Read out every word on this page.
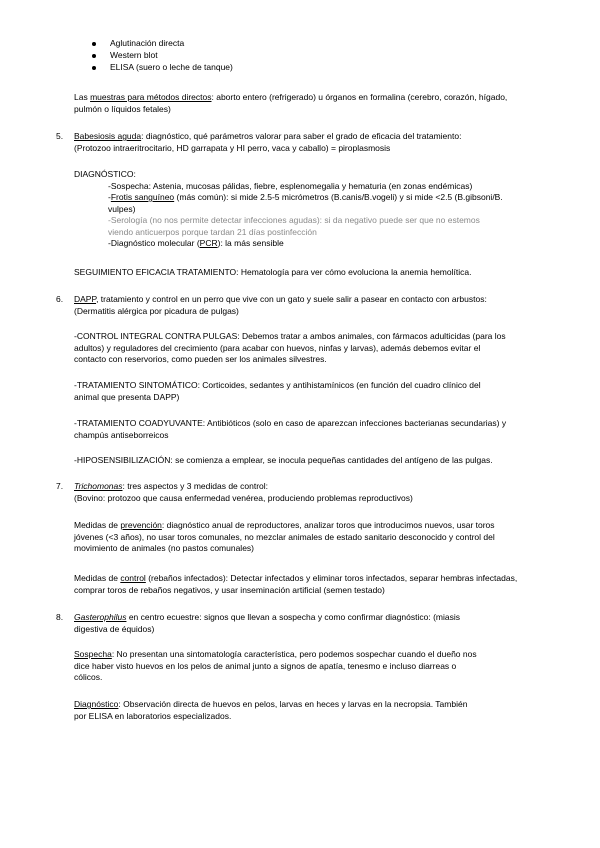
Aglutinación directa
Western blot
ELISA (suero o leche de tanque)

Las muestras para métodos directos: aborto entero (refrigerado) u órganos en formalina (cerebro, corazón, hígado,

pulmón o líquidos fetales)

5. Babesiosis aguda: diagnóstico, qué parámetros valorar para saber el grado de eficacia del tratamiento:

(Protozoo intraeritrocitario, HD garrapata y HI perro, vaca y caballo) = piroplasmosis

DIAGNÓSTICO:

-Sospecha: Astenia, mucosas pálidas, fiebre, esplenomegalia y hematuria (en zonas endémicas)

-Frotis sanguíneo (más común): si mide 2.5-5 micrómetros (B.canis/B.vogeli) y si mide <2.5 (B.gibsoni/B.

vulpes)

-Serología (no nos permite detectar infecciones agudas): si da negativo puede ser que no estemos

viendo anticuerpos porque tardan 21 días postinfección

-Diagnóstico molecular (PCR): la más sensible

SEGUIMIENTO EFICACIA TRATAMIENTO: Hematología para ver cómo evoluciona la anemia hemolítica.
6. DAPP, tratamiento y control en un perro que vive con un gato y suele salir a pasear en contacto con arbustos:

(Dermatitis alérgica por picadura de pulgas)

-CONTROL INTEGRAL CONTRA PULGAS: Debemos tratar a ambos animales, con fármacos adulticidas (para los

adultos) y reguladores del crecimiento (para acabar con huevos, ninfas y larvas), además debemos evitar el

contacto con reservorios, como pueden ser los animales silvestres.

-TRATAMIENTO SINTOMÁTICO: Corticoides, sedantes y antihistamínicos (en función del cuadro clínico del

animal que presenta DAPP)

-TRATAMIENTO COADYUVANTE: Antibióticos (solo en caso de aparezcan infecciones bacterianas secundarias) y

champús antiseborreicos

-HIPOSENSIBILIZACIÓN: se comienza a emplear, se inocula pequeñas cantidades del antígeno de las pulgas.
7. Trichomonas: tres aspectos y 3 medidas de control:

(Bovino: protozoo que causa enfermedad venérea, produciendo problemas reproductivos)

Medidas de prevención: diagnóstico anual de reproductores, analizar toros que introducimos nuevos, usar toros

jóvenes (<3 años), no usar toros comunales, no mezclar animales de estado sanitario desconocido y control del

movimiento de animales (no pastos comunales)

Medidas de control (rebaños infectados): Detectar infectados y eliminar toros infectados, separar hembras infectadas,

comprar toros de rebaños negativos, y usar inseminación artificial (semen testado)

8. Gasterophilus en centro ecuestre: signos que llevan a sospecha y como confirmar diagnóstico: (miasis

digestiva de équidos)

Sospecha: No presentan una sintomatología característica, pero podemos sospechar cuando el dueño nos

dice haber visto huevos en los pelos de animal junto a signos de apatía, tenesmo e incluso diarreas o

cólicos.

Diagnóstico: Observación directa de huevos en pelos, larvas en heces y larvas en la necropsia. También

por ELISA en laboratorios especializados.
